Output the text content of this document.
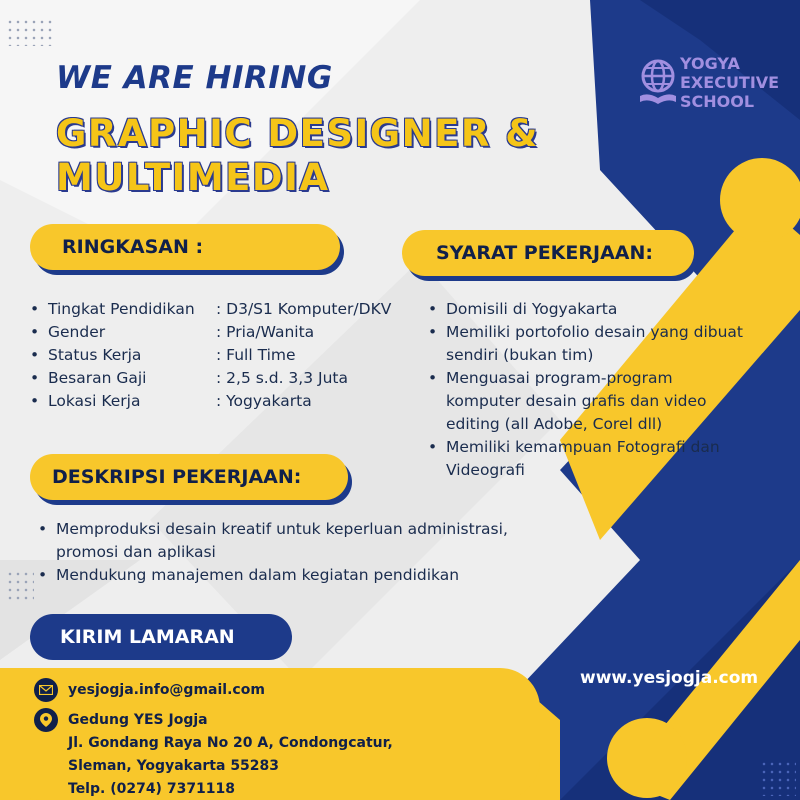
WE ARE HIRING
GRAPHIC DESIGNER &
MULTIMEDIA
YOGYA
EXECUTIVE
SCHOOL
RINGKASAN :
• Tingkat Pendidikan	: D3/S1 Komputer/DKV
• Gender	: Pria/Wanita
• Status Kerja	: Full Time
• Besaran Gaji	: 2,5 s.d. 3,3 Juta
• Lokasi Kerja	: Yogyakarta
SYARAT PEKERJAAN:
• Domisili di Yogyakarta
• Memiliki portofolio desain yang dibuat sendiri (bukan tim)
• Menguasai program-program komputer desain grafis dan video editing (all Adobe, Corel dll)
• Memiliki kemampuan Fotografi dan Videografi
DESKRIPSI PEKERJAAN:
• Memproduksi desain kreatif untuk keperluan administrasi, promosi dan aplikasi
• Mendukung manajemen dalam kegiatan pendidikan
KIRIM LAMARAN
yesjogja.info@gmail.com
Gedung YES Jogja
Jl. Gondang Raya No 20 A, Condongcatur,
Sleman, Yogyakarta 55283
Telp. (0274) 7371118
www.yesjogja.com
